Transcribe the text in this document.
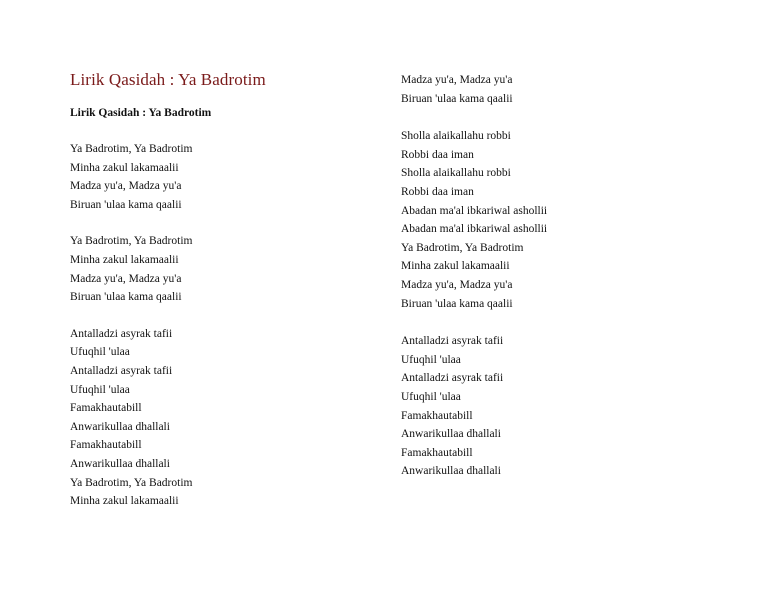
Lirik Qasidah : Ya Badrotim
Lirik Qasidah : Ya Badrotim
Ya Badrotim, Ya Badrotim
Minha zakul lakamaalii
Madza yu'a, Madza yu'a
Biruan 'ulaa kama qaalii
Ya Badrotim, Ya Badrotim
Minha zakul lakamaalii
Madza yu'a, Madza yu'a
Biruan 'ulaa kama qaalii
Antalladzi asyrak tafii
Ufuqhil 'ulaa
Antalladzi asyrak tafii
Ufuqhil 'ulaa
Famakhautabill
Anwarikullaa dhallali
Famakhautabill
Anwarikullaa dhallali
Ya Badrotim, Ya Badrotim
Minha zakul lakamaalii
Madza yu'a, Madza yu'a
Biruan 'ulaa kama qaalii
Sholla alaikallahu robbi
Robbi daa iman
Sholla alaikallahu robbi
Robbi daa iman
Abadan ma'al ibkariwal ashollii
Abadan ma'al ibkariwal ashollii
Ya Badrotim, Ya Badrotim
Minha zakul lakamaalii
Madza yu'a, Madza yu'a
Biruan 'ulaa kama qaalii
Antalladzi asyrak tafii
Ufuqhil 'ulaa
Antalladzi asyrak tafii
Ufuqhil 'ulaa
Famakhautabill
Anwarikullaa dhallali
Famakhautabill
Anwarikullaa dhallali
